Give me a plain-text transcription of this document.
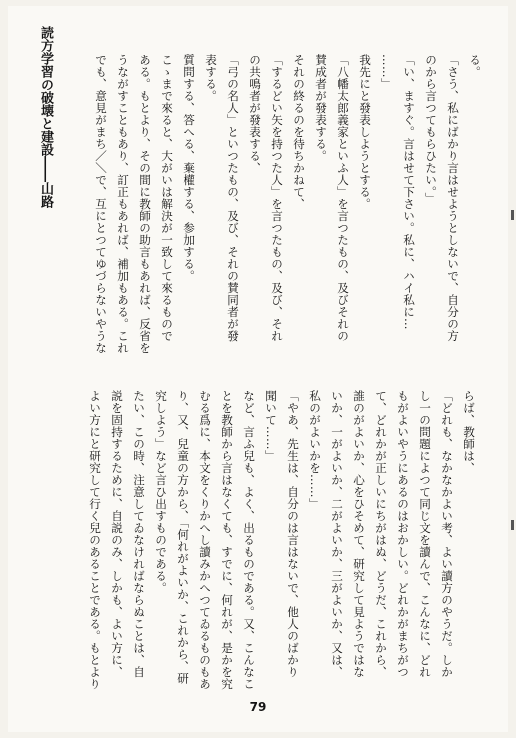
読方学習の破壊と建設――山路	る。
「さう、私にばかり言はせようとしないで、自分の方
のから言つてもらひたい。」
「い、ますぐ。言はせて下さい。私に、ハイ私に…
……」
我先にと發表しようとする。
「八幡太郎義家といふ人」を言つたもの、及びそれの
賛成者が發表する。
それの終るのを待ちかねて、
「するどい矢を持つた人」を言つたもの、及び、それ
の共鳴者が發表する、
「弓の名人」といつたもの、及び、それの賛同者が發
表する。
質問する、答へる、棄權する、参加する。
こゝまで來ると、大がいは解決が一致して來るもので
ある。もとより、その間に教師の助言もあれば、反省を
うながすこともあり、訂正もあれば、補加もある。これ
でも、意見がまち／＼で、互にとつてゆづらないやうな
らば、教師は、
「どれも、なかなかよい考、よい讀方のやうだ。しか
し一の問題によつて同じ文を讀んで、こんなに、どれ
もがよいやうにあるのはおかしい。どれかがまちがつ
て、どれかが正しいにちがはぬ、どうだ、これから、
誰のがよいか、心をひそめて、研究して見ようではな
いか、一がよいか、二がよいか、三がよいか、又は、
私のがよいかを……」
「やあ、先生は、自分のは言はないで、他人のばかり
聞いて……」
など、言ふ兒も、よく、出るものである。又、こんなこ
とを教師から言はなくても、すでに、何れが、是かを究
むる爲に、本文をくりかへし讀みかへつてゐるものもあ
り、又、兒童の方から、「何れがよいか、これから、研
究しよう」など言ひ出すものである。
たい、この時、注意してゐなければならぬことは、自
説を固持するために、自説のみ、しかも、よい方に、
よい方にと研究して行く兒のあることである。もとより
79
